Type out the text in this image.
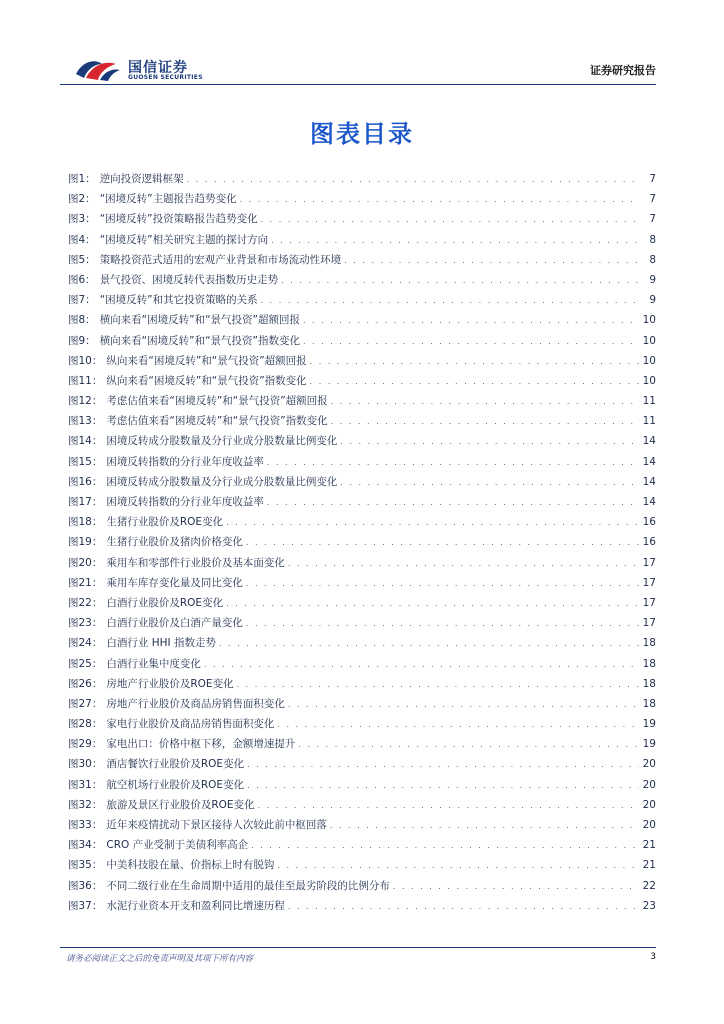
国信证券
GUOSEN SECURITIES
证券研究报告
图表目录
图1： 逆向投资逻辑框架 . . .	7
图2： “困境反转”主题报告趋势变化 . . .	7
图3： “困境反转”投资策略报告趋势变化 . . .	7
图4： “困境反转”相关研究主题的探讨方向 . . .	8
图5： 策略投资范式适用的宏观产业背景和市场流动性环境 . . .	8
图6： 景气投资、困境反转代表指数历史走势 . . .	9
图7： “困境反转”和其它投资策略的关系 . . .	9
图8： 横向来看“困境反转”和“景气投资”超额回报 . . .	10
图9： 横向来看“困境反转”和“景气投资”指数变化 . . .	10
图10： 纵向来看“困境反转”和“景气投资”超额回报 . . .	10
图11： 纵向来看“困境反转”和“景气投资”指数变化 . . .	10
图12： 考虑估值来看“困境反转”和“景气投资”超额回报 . . .	11
图13： 考虑估值来看“困境反转”和“景气投资”指数变化 . . .	11
图14： 困境反转成分股数量及分行业成分股数量比例变化 . . .	14
图15： 困境反转指数的分行业年度收益率 . . .	14
图16： 困境反转成分股数量及分行业成分股数量比例变化 . . .	14
图17： 困境反转指数的分行业年度收益率 . . .	14
图18： 生猪行业股价及ROE变化 . . .	16
图19： 生猪行业股价及猪肉价格变化 . . .	16
图20： 乘用车和零部件行业股价及基本面变化 . . .	17
图21： 乘用车库存变化量及同比变化 . . .	17
图22： 白酒行业股价及ROE变化 . . .	17
图23： 白酒行业股价及白酒产量变化 . . .	17
图24： 白酒行业 HHI 指数走势 . . .	18
图25： 白酒行业集中度变化 . . .	18
图26： 房地产行业股价及ROE变化 . . .	18
图27： 房地产行业股价及商品房销售面积变化 . . .	18
图28： 家电行业股价及商品房销售面积变化 . . .	19
图29： 家电出口：价格中枢下移，金额增速提升 . . .	19
图30： 酒店餐饮行业股价及ROE变化 . . .	20
图31： 航空机场行业股价及ROE变化 . . .	20
图32： 旅游及景区行业股价及ROE变化 . . .	20
图33： 近年来疫情扰动下景区接待人次较此前中枢回落 . . .	20
图34： CRO 产业受制于美债利率高企 . . .	21
图35： 中美科技股在量、价指标上时有脱钩 . . .	21
图36： 不同二级行业在生命周期中适用的最佳至最劣阶段的比例分布 . . .	22
图37： 水泥行业资本开支和盈利同比增速历程 . . .	23
请务必阅读正文之后的免责声明及其项下所有内容	3
